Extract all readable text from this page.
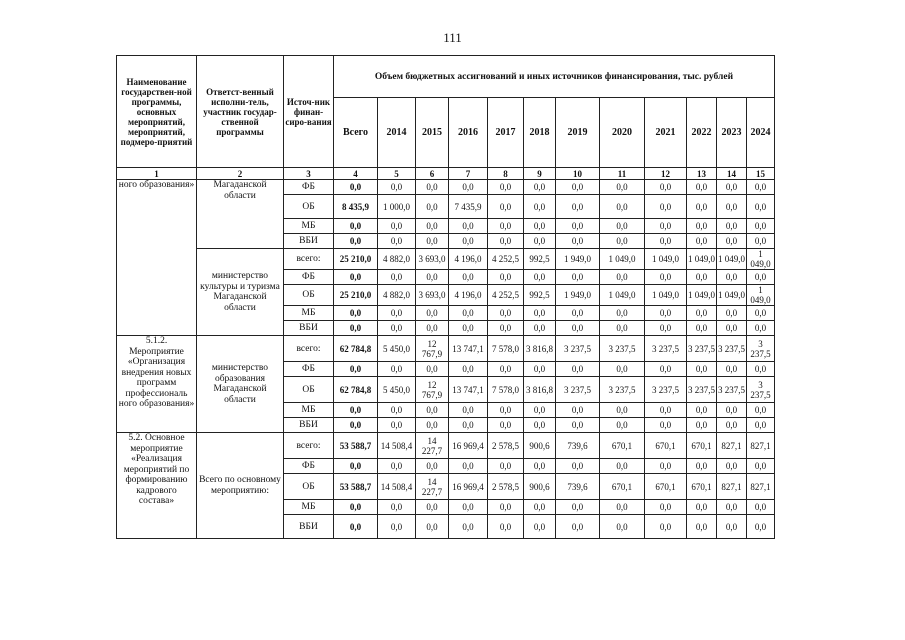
111
Наименование государствен-ной программы, основных мероприятий, мероприятий, подмеро-приятий	Ответст-венный исполни-тель, участник государ-ственной программы	Источ-ник финан-сиро-вания	Объем бюджетных ассигнований и иных источников финансирования, тыс. рублей											
			Всего	2014	2015	2016	2017	2018	2019	2020	2021	2022	2023	2024
1	2	3	4	5	6	7	8	9	10	11	12	13	14	15
ного образования»	Магаданской области	ФБ	0,0	0,0	0,0	0,0	0,0	0,0	0,0	0,0	0,0	0,0	0,0	0,0
		ОБ	8 435,9	1 000,0	0,0	7 435,9	0,0	0,0	0,0	0,0	0,0	0,0	0,0	0,0
		МБ	0,0	0,0	0,0	0,0	0,0	0,0	0,0	0,0	0,0	0,0	0,0	0,0
		ВБИ	0,0	0,0	0,0	0,0	0,0	0,0	0,0	0,0	0,0	0,0	0,0	0,0
	министерство культуры и туризма Магаданской области	всего:	25 210,0	4 882,0	3 693,0	4 196,0	4 252,5	992,5	1 949,0	1 049,0	1 049,0	1 049,0	1 049,0	1 049,0
		ФБ	0,0	0,0	0,0	0,0	0,0	0,0	0,0	0,0	0,0	0,0	0,0	0,0
		ОБ	25 210,0	4 882,0	3 693,0	4 196,0	4 252,5	992,5	1 949,0	1 049,0	1 049,0	1 049,0	1 049,0	1 049,0
		МБ	0,0	0,0	0,0	0,0	0,0	0,0	0,0	0,0	0,0	0,0	0,0	0,0
		ВБИ	0,0	0,0	0,0	0,0	0,0	0,0	0,0	0,0	0,0	0,0	0,0	0,0
5.1.2. Мероприятие «Организация внедрения новых программ профессиональ ного образования»	министерство образования Магаданской области	всего:	62 784,8	5 450,0	12 767,9	13 747,1	7 578,0	3 816,8	3 237,5	3 237,5	3 237,5	3 237,5	3 237,5	3 237,5
		ФБ	0,0	0,0	0,0	0,0	0,0	0,0	0,0	0,0	0,0	0,0	0,0	0,0
		ОБ	62 784,8	5 450,0	12 767,9	13 747,1	7 578,0	3 816,8	3 237,5	3 237,5	3 237,5	3 237,5	3 237,5	3 237,5
		МБ	0,0	0,0	0,0	0,0	0,0	0,0	0,0	0,0	0,0	0,0	0,0	0,0
		ВБИ	0,0	0,0	0,0	0,0	0,0	0,0	0,0	0,0	0,0	0,0	0,0	0,0
5.2. Основное мероприятие «Реализация мероприятий по формированию кадрового состава»	Всего по основному мероприятию:	всего:	53 588,7	14 508,4	14 227,7	16 969,4	2 578,5	900,6	739,6	670,1	670,1	670,1	827,1	827,1
		ФБ	0,0	0,0	0,0	0,0	0,0	0,0	0,0	0,0	0,0	0,0	0,0	0,0
		ОБ	53 588,7	14 508,4	14 227,7	16 969,4	2 578,5	900,6	739,6	670,1	670,1	670,1	827,1	827,1
		МБ	0,0	0,0	0,0	0,0	0,0	0,0	0,0	0,0	0,0	0,0	0,0	0,0
		ВБИ	0,0	0,0	0,0	0,0	0,0	0,0	0,0	0,0	0,0	0,0	0,0	0,0
